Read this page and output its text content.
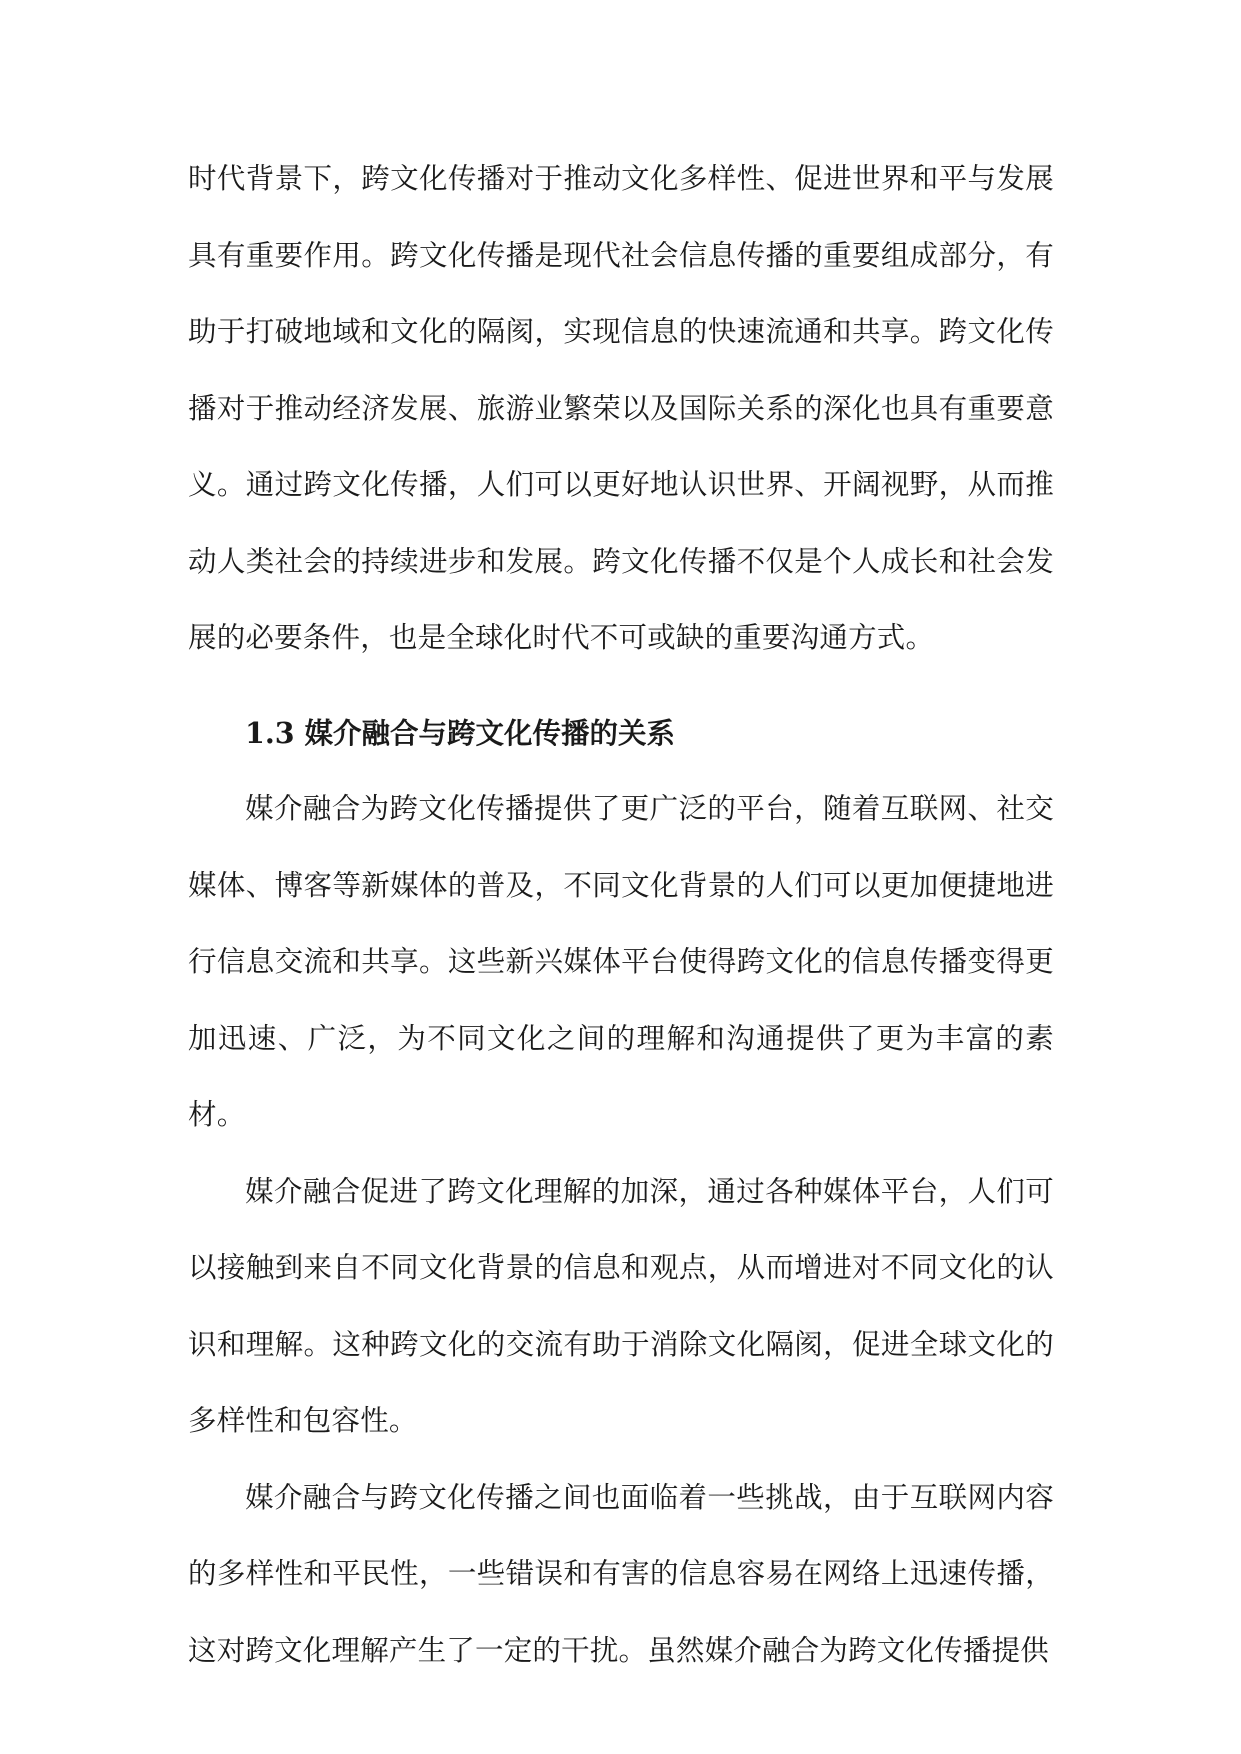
时代背景下，跨文化传播对于推动文化多样性、促进世界和平与发展具有重要作用。跨文化传播是现代社会信息传播的重要组成部分，有助于打破地域和文化的隔阂，实现信息的快速流通和共享。跨文化传播对于推动经济发展、旅游业繁荣以及国际关系的深化也具有重要意义。通过跨文化传播，人们可以更好地认识世界、开阔视野，从而推动人类社会的持续进步和发展。跨文化传播不仅是个人成长和社会发展的必要条件，也是全球化时代不可或缺的重要沟通方式。

1.3 媒介融合与跨文化传播的关系

媒介融合为跨文化传播提供了更广泛的平台，随着互联网、社交媒体、博客等新媒体的普及，不同文化背景的人们可以更加便捷地进行信息交流和共享。这些新兴媒体平台使得跨文化的信息传播变得更加迅速、广泛，为不同文化之间的理解和沟通提供了更为丰富的素材。

媒介融合促进了跨文化理解的加深，通过各种媒体平台，人们可以接触到来自不同文化背景的信息和观点，从而增进对不同文化的认识和理解。这种跨文化的交流有助于消除文化隔阂，促进全球文化的多样性和包容性。

媒介融合与跨文化传播之间也面临着一些挑战，由于互联网内容的多样性和平民性，一些错误和有害的信息容易在网络上迅速传播，这对跨文化理解产生了一定的干扰。虽然媒介融合为跨文化传播提供
